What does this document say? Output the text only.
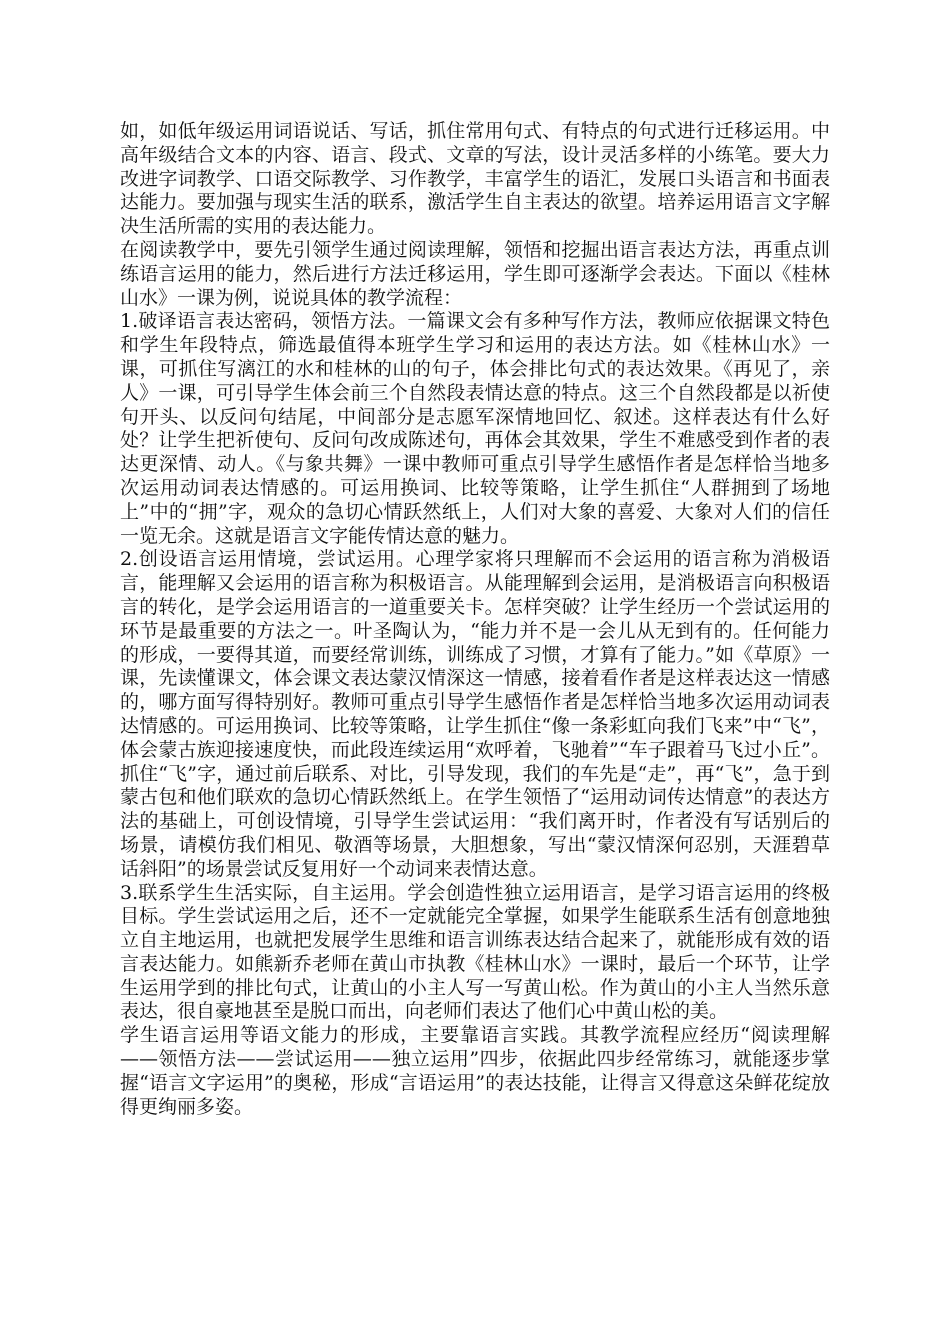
如，如低年级运用词语说话、写话，抓住常用句式、有特点的句式进行迁移运用。中高年级结合文本的内容、语言、段式、文章的写法，设计灵活多样的小练笔。要大力改进字词教学、口语交际教学、习作教学，丰富学生的语汇，发展口头语言和书面表达能力。要加强与现实生活的联系，激活学生自主表达的欲望。培养运用语言文字解决生活所需的实用的表达能力。

在阅读教学中，要先引领学生通过阅读理解，领悟和挖掘出语言表达方法，再重点训练语言运用的能力，然后进行方法迁移运用，学生即可逐渐学会表达。下面以《桂林山水》一课为例，说说具体的教学流程：

1.破译语言表达密码，领悟方法。一篇课文会有多种写作方法，教师应依据课文特色和学生年段特点，筛选最值得本班学生学习和运用的表达方法。如《桂林山水》一课，可抓住写漓江的水和桂林的山的句子，体会排比句式的表达效果。《再见了，亲人》一课，可引导学生体会前三个自然段表情达意的特点。这三个自然段都是以祈使句开头、以反问句结尾，中间部分是志愿军深情地回忆、叙述。这样表达有什么好处？让学生把祈使句、反问句改成陈述句，再体会其效果，学生不难感受到作者的表达更深情、动人。《与象共舞》一课中教师可重点引导学生感悟作者是怎样恰当地多次运用动词表达情感的。可运用换词、比较等策略，让学生抓住“人群拥到了场地上”中的“拥”字，观众的急切心情跃然纸上，人们对大象的喜爱、大象对人们的信任一览无余。这就是语言文字能传情达意的魅力。

2.创设语言运用情境，尝试运用。心理学家将只理解而不会运用的语言称为消极语言，能理解又会运用的语言称为积极语言。从能理解到会运用，是消极语言向积极语言的转化，是学会运用语言的一道重要关卡。怎样突破？让学生经历一个尝试运用的环节是最重要的方法之一。叶圣陶认为，“能力并不是一会儿从无到有的。任何能力的形成，一要得其道，而要经常训练，训练成了习惯，才算有了能力。”如《草原》一课，先读懂课文，体会课文表达蒙汉情深这一情感，接着看作者是这样表达这一情感的，哪方面写得特别好。教师可重点引导学生感悟作者是怎样恰当地多次运用动词表达情感的。可运用换词、比较等策略，让学生抓住“像一条彩虹向我们飞来”中“飞”，体会蒙古族迎接速度快，而此段连续运用“欢呼着，飞驰着”“车子跟着马飞过小丘”。抓住“飞”字，通过前后联系、对比，引导发现，我们的车先是“走”，再“飞”，急于到蒙古包和他们联欢的急切心情跃然纸上。在学生领悟了“运用动词传达情意”的表达方法的基础上，可创设情境，引导学生尝试运用：“我们离开时，作者没有写话别后的场景，请模仿我们相见、敬酒等场景，大胆想象，写出“蒙汉情深何忍别，天涯碧草话斜阳”的场景尝试反复用好一个动词来表情达意。

3.联系学生生活实际，自主运用。学会创造性独立运用语言，是学习语言运用的终极目标。学生尝试运用之后，还不一定就能完全掌握，如果学生能联系生活有创意地独立自主地运用，也就把发展学生思维和语言训练表达结合起来了，就能形成有效的语言表达能力。如熊新乔老师在黄山市执教《桂林山水》一课时，最后一个环节，让学生运用学到的排比句式，让黄山的小主人写一写黄山松。作为黄山的小主人当然乐意表达，很自豪地甚至是脱口而出，向老师们表达了他们心中黄山松的美。

学生语言运用等语文能力的形成，主要靠语言实践。其教学流程应经历“阅读理解——领悟方法——尝试运用——独立运用”四步，依据此四步经常练习，就能逐步掌握“语言文字运用”的奥秘，形成“言语运用”的表达技能，让得言又得意这朵鲜花绽放得更绚丽多姿。
